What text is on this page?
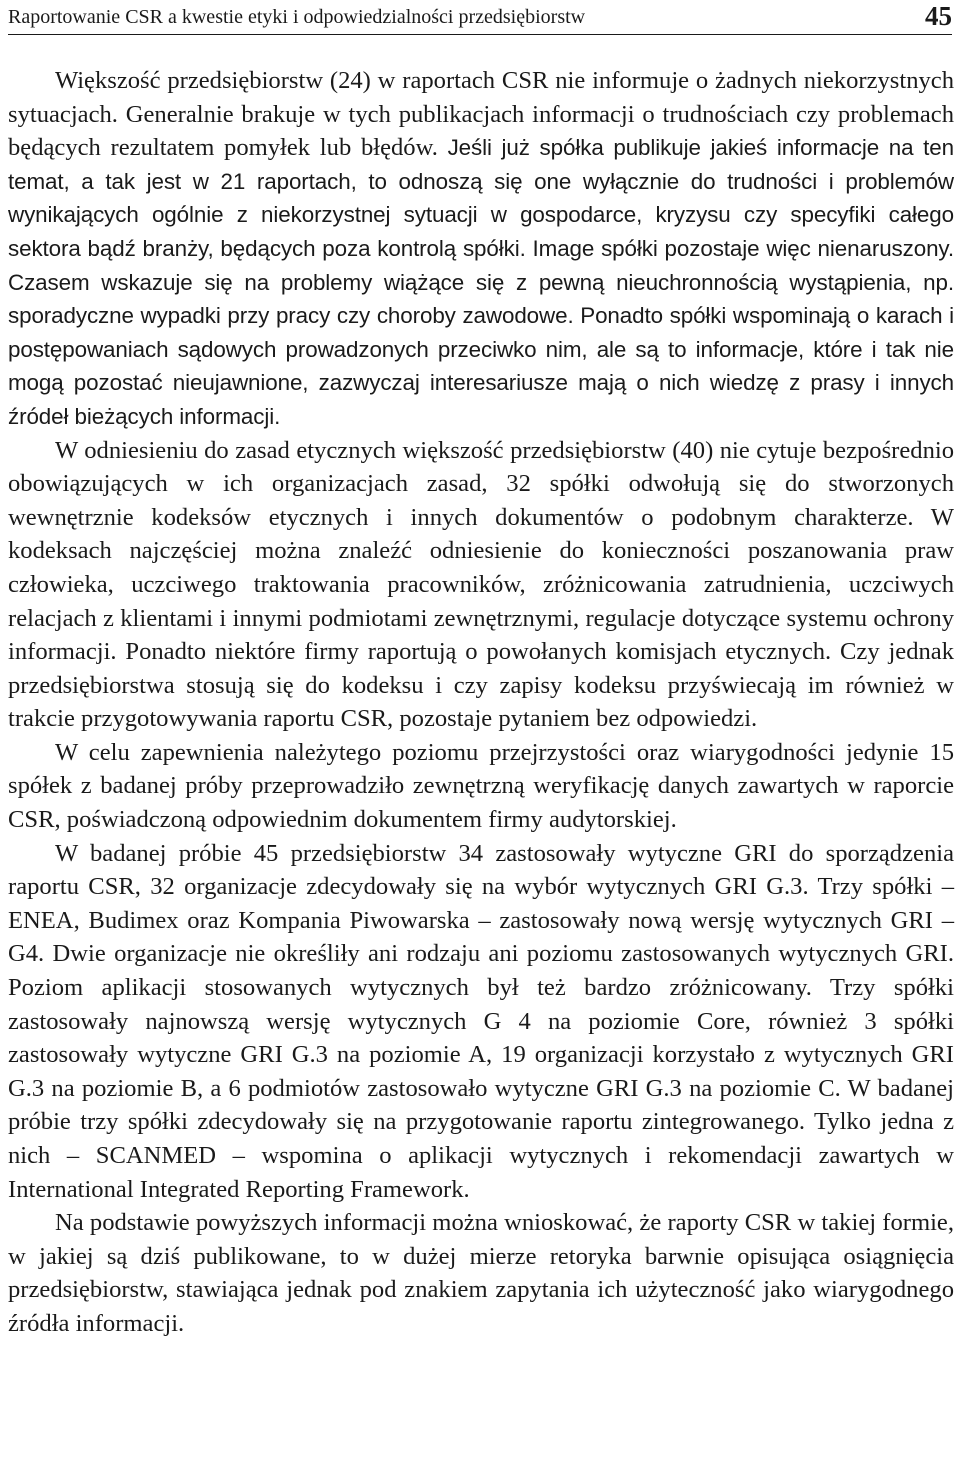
Raportowanie CSR a kwestie etyki i odpowiedzialności przedsiębiorstw	45

Większość przedsiębiorstw (24) w raportach CSR nie informuje o żadnych niekorzystnych sytuacjach. Generalnie brakuje w tych publikacjach informacji o trudnościach czy problemach będących rezultatem pomyłek lub błędów. Jeśli już spółka publikuje jakieś informacje na ten temat, a tak jest w 21 raportach, to odnoszą się one wyłącznie do trudności i problemów wynikających ogólnie z niekorzystnej sytuacji w gospodarce, kryzysu czy specyfiki całego sektora bądź branży, będących poza kontrolą spółki. Image spółki pozostaje więc nienaruszony. Czasem wskazuje się na problemy wiążące się z pewną nieuchronnością wystąpienia, np. sporadyczne wypadki przy pracy czy choroby zawodowe. Ponadto spółki wspominają o karach i postępowaniach sądowych prowadzonych przeciwko nim, ale są to informacje, które i tak nie mogą pozostać nieujawnione, zazwyczaj interesariusze mają o nich wiedzę z prasy i innych źródeł bieżących informacji.

W odniesieniu do zasad etycznych większość przedsiębiorstw (40) nie cytuje bezpośrednio obowiązujących w ich organizacjach zasad, 32 spółki odwołują się do stworzonych wewnętrznie kodeksów etycznych i innych dokumentów o podobnym charakterze. W kodeksach najczęściej można znaleźć odniesienie do konieczności poszanowania praw człowieka, uczciwego traktowania pracowników, zróżnicowania zatrudnienia, uczciwych relacjach z klientami i innymi podmiotami zewnętrznymi, regulacje dotyczące systemu ochrony informacji. Ponadto niektóre firmy raportują o powołanych komisjach etycznych. Czy jednak przedsiębiorstwa stosują się do kodeksu i czy zapisy kodeksu przyświecają im również w trakcie przygotowywania raportu CSR, pozostaje pytaniem bez odpowiedzi.

W celu zapewnienia należytego poziomu przejrzystości oraz wiarygodności jedynie 15 spółek z badanej próby przeprowadziło zewnętrzną weryfikację danych zawartych w raporcie CSR, poświadczoną odpowiednim dokumentem firmy audytorskiej.

W badanej próbie 45 przedsiębiorstw 34 zastosowały wytyczne GRI do sporządzenia raportu CSR, 32 organizacje zdecydowały się na wybór wytycznych GRI G.3. Trzy spółki – ENEA, Budimex oraz Kompania Piwowarska – zastosowały nową wersję wytycznych GRI – G4. Dwie organizacje nie określiły ani rodzaju ani poziomu zastosowanych wytycznych GRI. Poziom aplikacji stosowanych wytycznych był też bardzo zróżnicowany. Trzy spółki zastosowały najnowszą wersję wytycznych G 4 na poziomie Core, również 3 spółki zastosowały wytyczne GRI G.3 na poziomie A, 19 organizacji korzystało z wytycznych GRI G.3 na poziomie B, a 6 podmiotów zastosowało wytyczne GRI G.3 na poziomie C. W badanej próbie trzy spółki zdecydowały się na przygotowanie raportu zintegrowanego. Tylko jedna z nich – SCANMED – wspomina o aplikacji wytycznych i rekomendacji zawartych w International Integrated Reporting Framework.

Na podstawie powyższych informacji można wnioskować, że raporty CSR w takiej formie, w jakiej są dziś publikowane, to w dużej mierze retoryka barwnie opisująca osiągnięcia przedsiębiorstw, stawiająca jednak pod znakiem zapytania ich użyteczność jako wiarygodnego źródła informacji.
